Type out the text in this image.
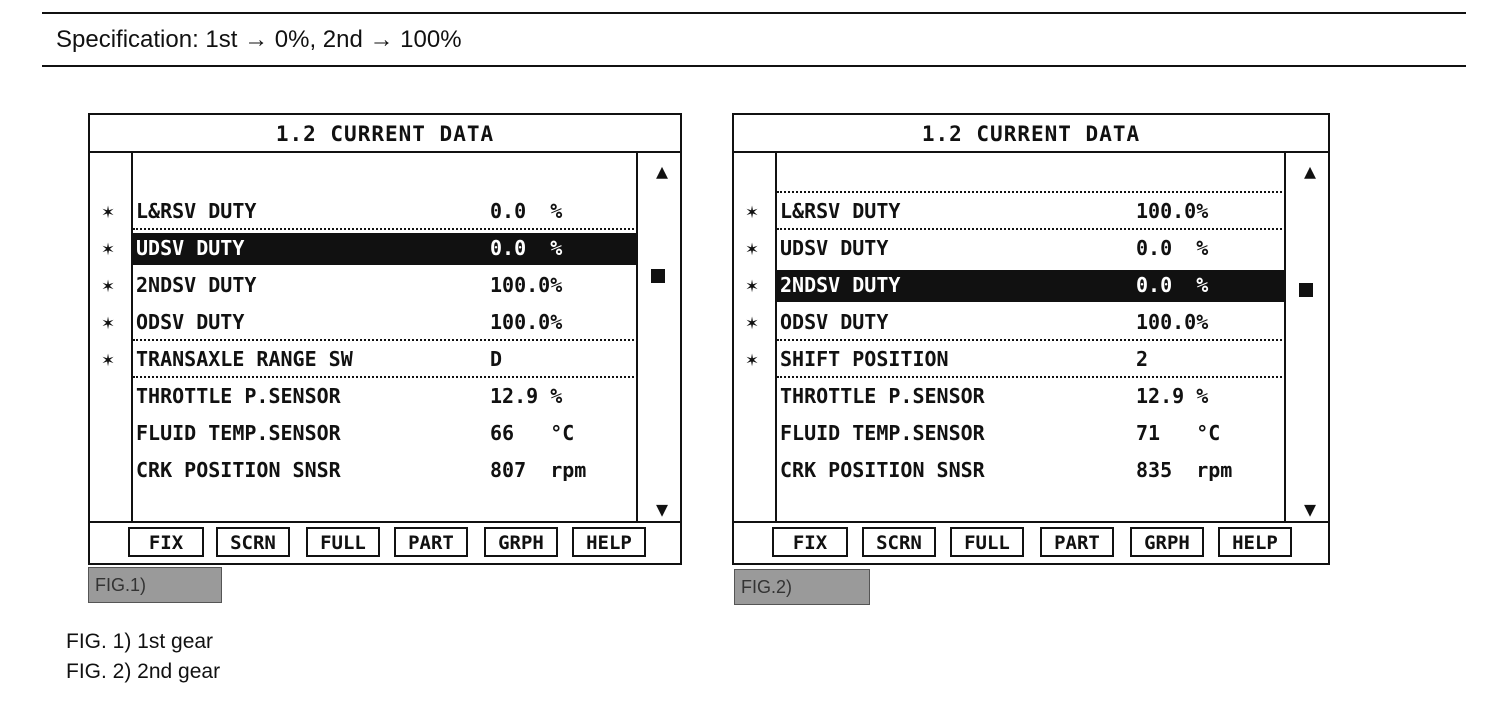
Specification: 1st → 0%, 2nd → 100%
1.2 CURRENT DATA
▲
▼
✶ L&RSV DUTY	0.0  %
✶ UDSV DUTY	0.0  %
✶ 2NDSV DUTY	100.0%
✶ ODSV DUTY	100.0%
✶ TRANSAXLE RANGE SW	D
THROTTLE P.SENSOR	12.9 %
FLUID TEMP.SENSOR	66   °C
CRK POSITION SNSR	807  rpm
FIX	SCRN	FULL	PART	GRPH	HELP
FIG.1)
1.2 CURRENT DATA
▲
▼
✶ L&RSV DUTY	100.0%
✶ UDSV DUTY	0.0  %
✶ 2NDSV DUTY	0.0  %
✶ ODSV DUTY	100.0%
✶ SHIFT POSITION	2
THROTTLE P.SENSOR	12.9 %
FLUID TEMP.SENSOR	71   °C
CRK POSITION SNSR	835  rpm
FIX	SCRN	FULL	PART	GRPH	HELP
FIG.2)
FIG. 1) 1st gear
FIG. 2) 2nd gear
